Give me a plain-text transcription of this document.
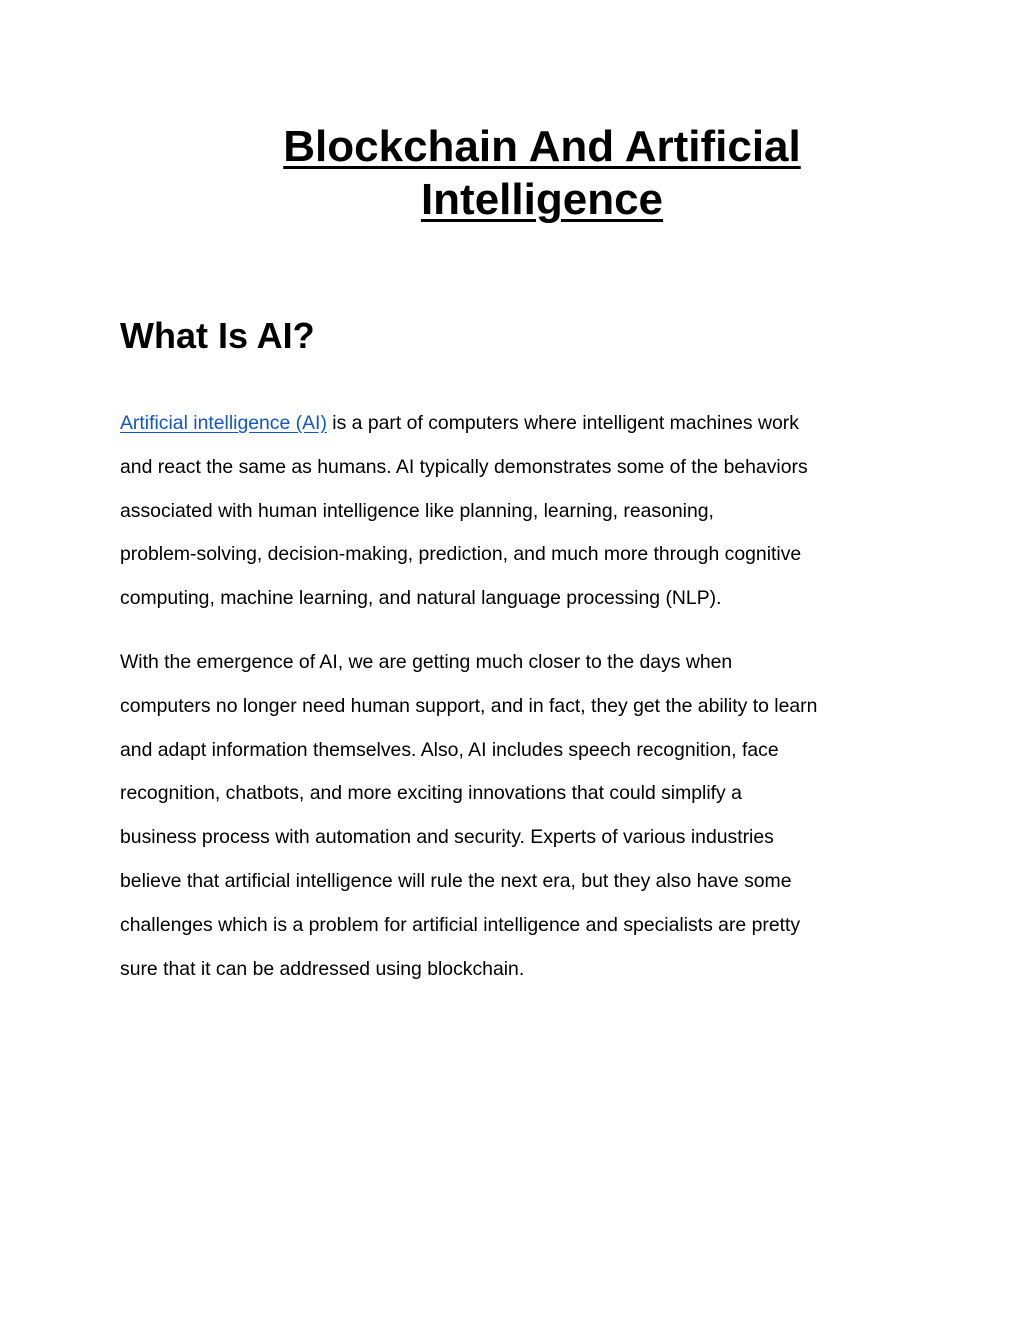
Blockchain And Artificial
Intelligence
What Is AI?

Artificial intelligence (AI) is a part of computers where intelligent machines work
and react the same as humans. AI typically demonstrates some of the behaviors
associated with human intelligence like planning, learning, reasoning,
problem-solving, decision-making, prediction, and much more through cognitive
computing, machine learning, and natural language processing (NLP).

With the emergence of AI, we are getting much closer to the days when
computers no longer need human support, and in fact, they get the ability to learn
and adapt information themselves. Also, AI includes speech recognition, face
recognition, chatbots, and more exciting innovations that could simplify a
business process with automation and security. Experts of various industries
believe that artificial intelligence will rule the next era, but they also have some
challenges which is a problem for artificial intelligence and specialists are pretty
sure that it can be addressed using blockchain.
